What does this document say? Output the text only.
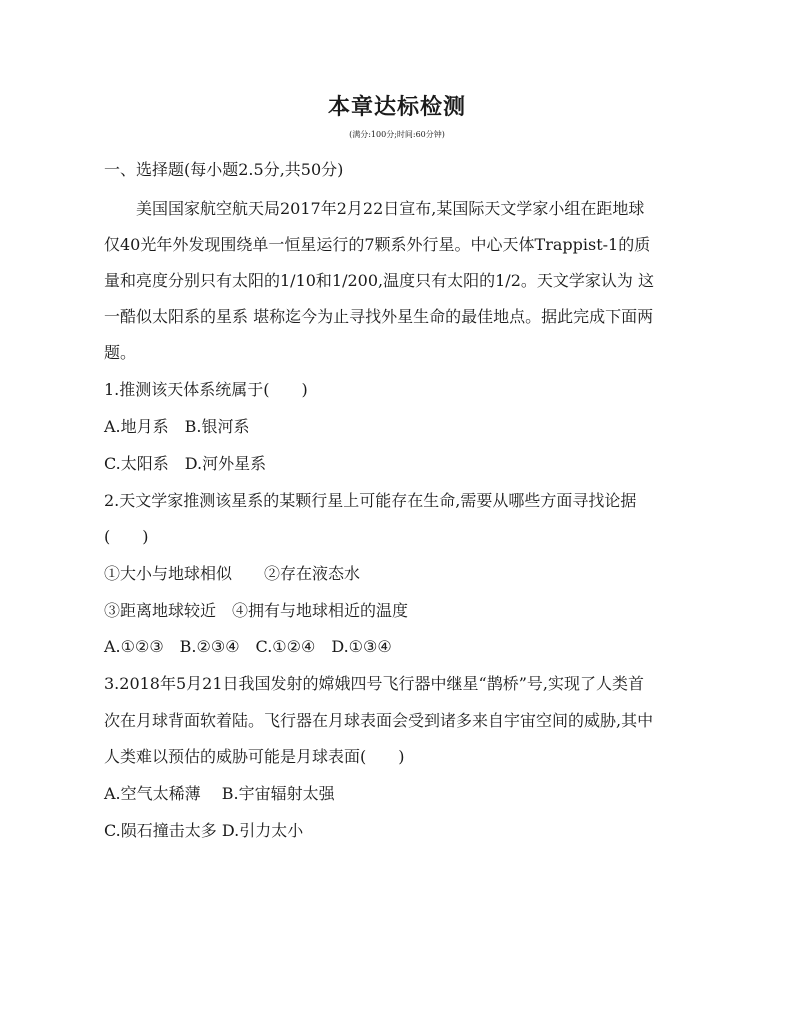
本章达标检测
(满分:100分;时间:60分钟)
一、选择题(每小题2.5分,共50分)
美国国家航空航天局2017年2月22日宣布,某国际天文学家小组在距地球
仅40光年外发现围绕单一恒星运行的7颗系外行星。中心天体Trappist-1的质
量和亮度分别只有太阳的1/10和1/200,温度只有太阳的1/2。天文学家认为 这
一酷似太阳系的星系 堪称迄今为止寻找外星生命的最佳地点。据此完成下面两
题。
1.推测该天体系统属于(　　)
A.地月系　B.银河系
C.太阳系　D.河外星系
2.天文学家推测该星系的某颗行星上可能存在生命,需要从哪些方面寻找论据
(　　)
①大小与地球相似　　②存在液态水
③距离地球较近　④拥有与地球相近的温度
A.①②③　B.②③④　C.①②④　D.①③④
3.2018年5月21日我国发射的嫦娥四号飞行器中继星“鹊桥”号,实现了人类首
次在月球背面软着陆。飞行器在月球表面会受到诸多来自宇宙空间的威胁,其中
人类难以预估的威胁可能是月球表面(　　)
A.空气太稀薄　 B.宇宙辐射太强
C.陨石撞击太多 D.引力太小
